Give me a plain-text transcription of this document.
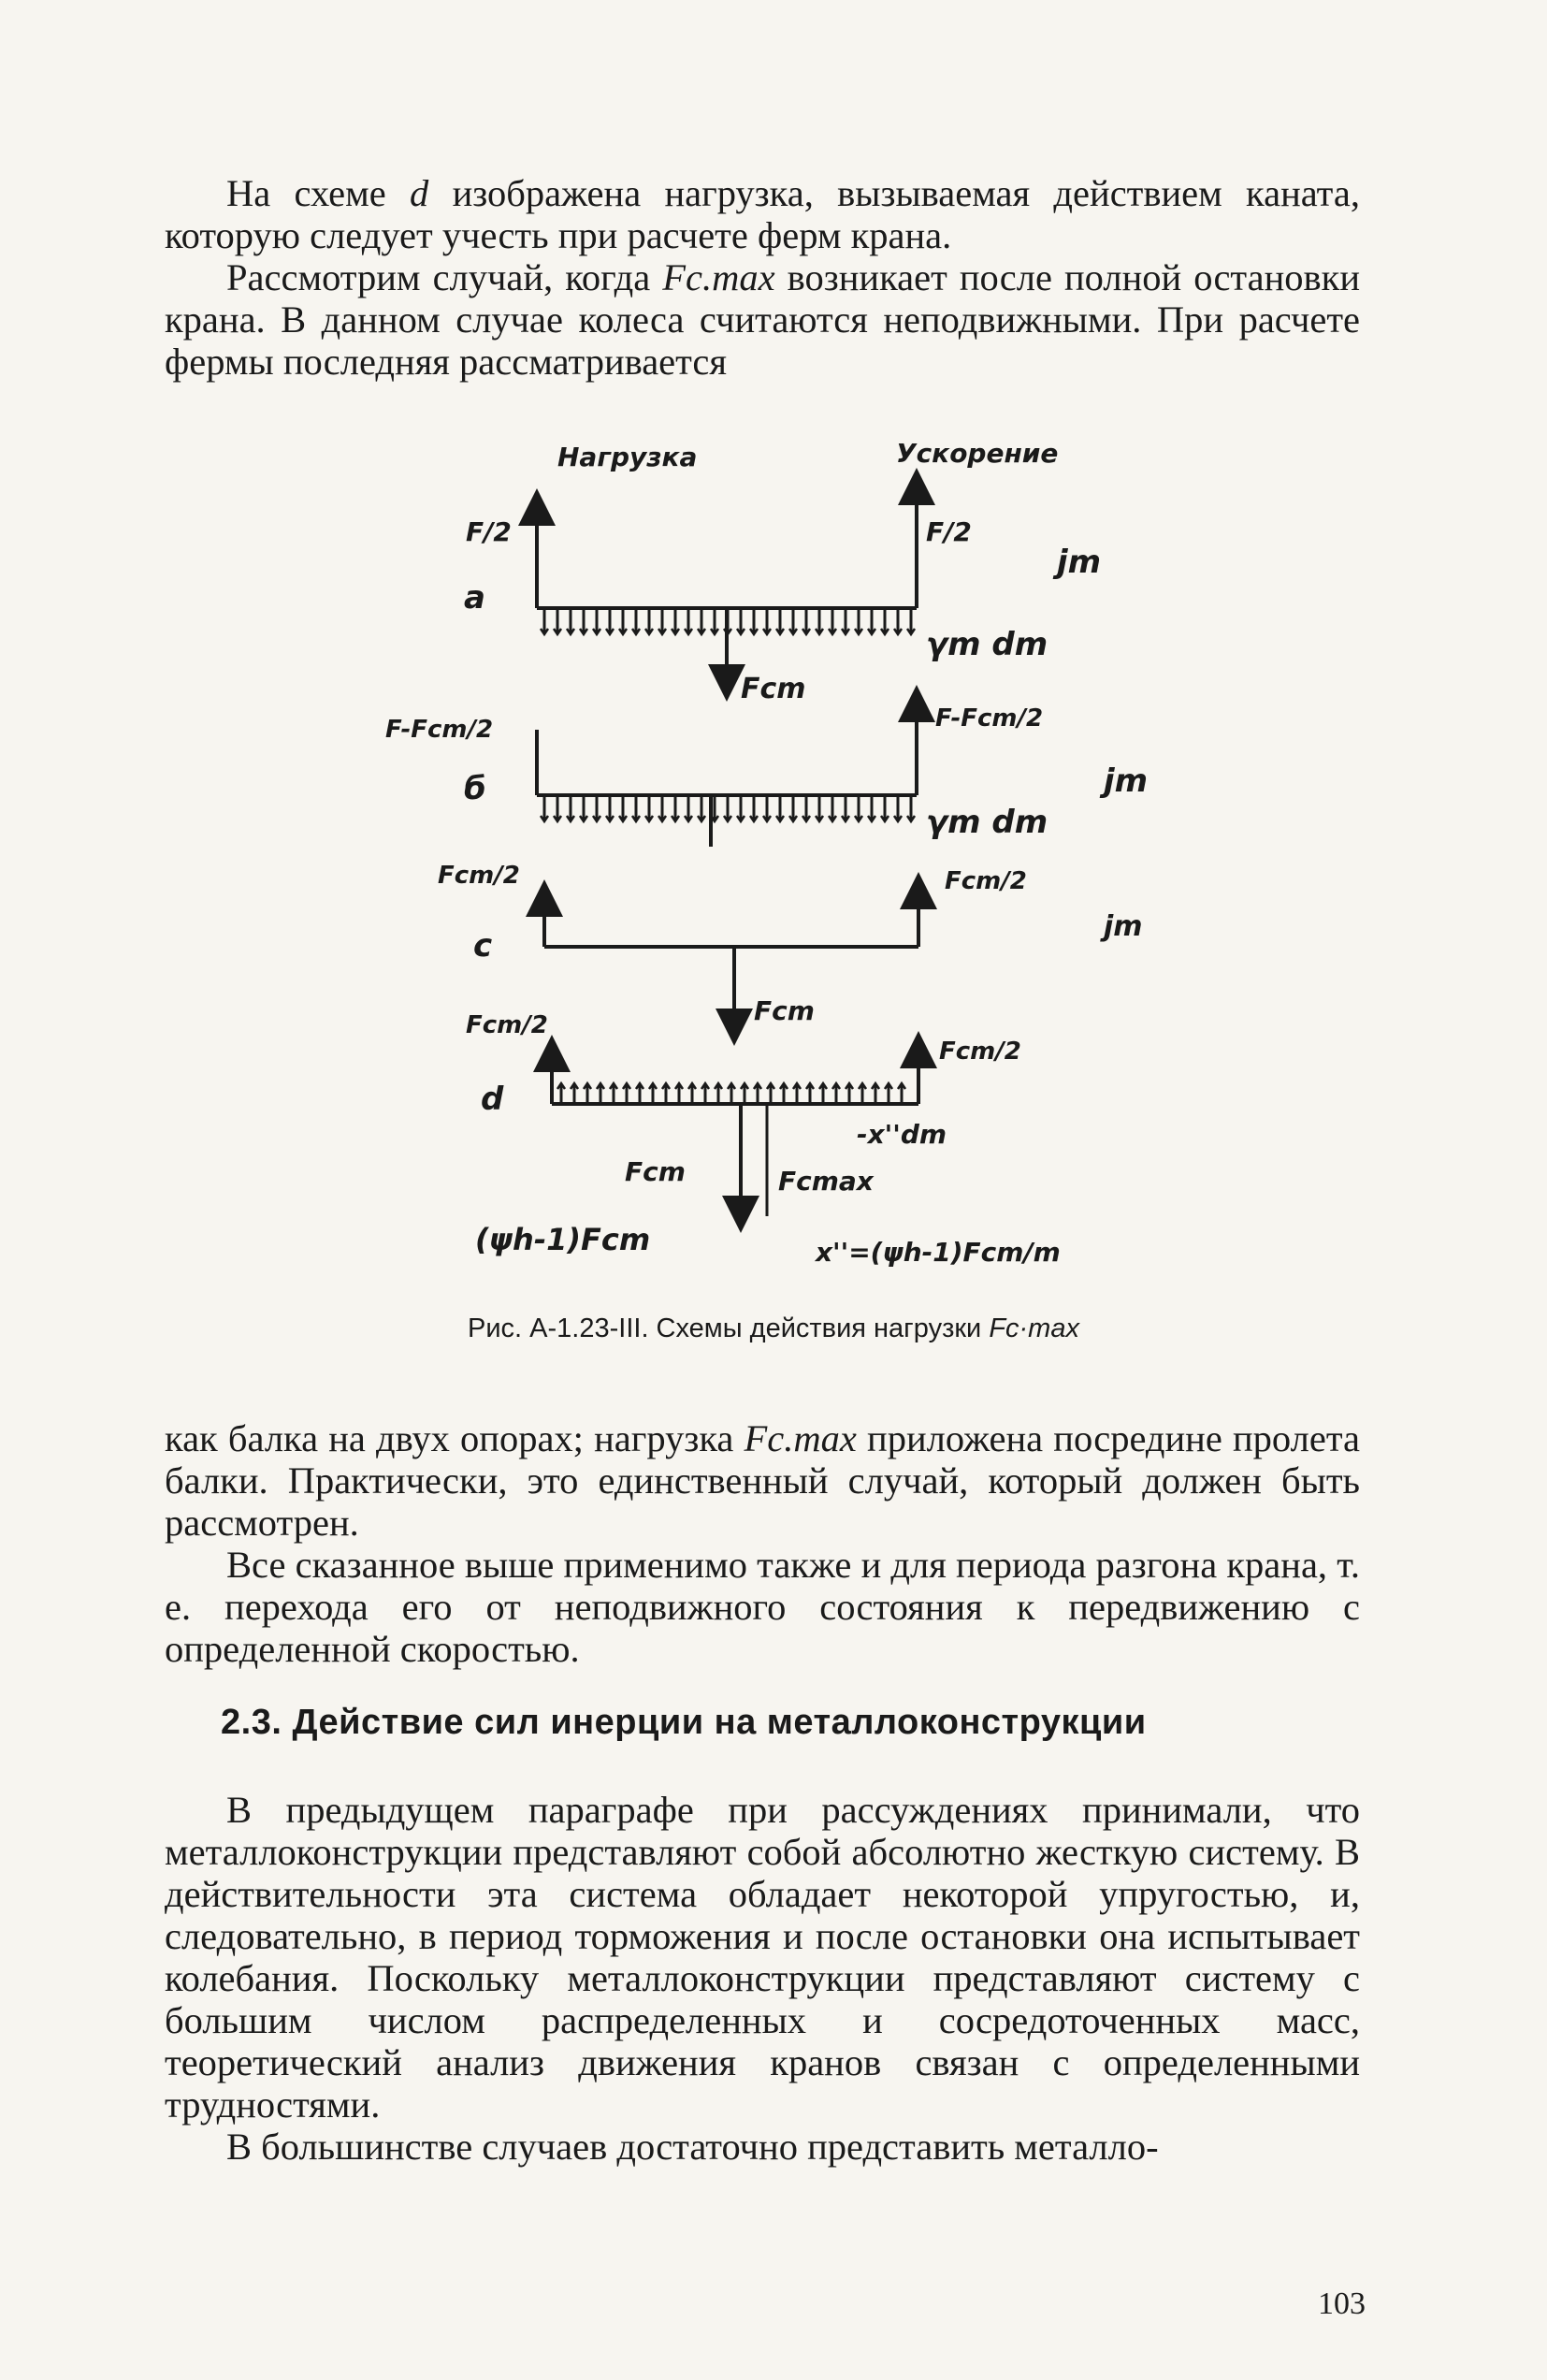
На схеме d изображена нагрузка, вызываемая действием каната, которую следует учесть при расчете ферм крана.

Рассмотрим случай, когда Fc.max возникает после полной остановки крана. В данном случае колеса считаются неподвижными. При расчете фермы последняя рассматривается

Нагрузка	Ускорение
F/2	F/2
a
γm dm
Fcm
jm
F-Fcm/2	F-Fcm/2
б
γm dm
jm
Fcm/2	Fcm/2
c
Fcm
jm
Fcm/2
Fcm/2
d
-x''dm
Fcm	Fcmax
(ψh-1)Fcm	x''=(ψh-1)Fcm/m

Рис. А-1.23-III. Схемы действия нагрузки Fc·max

как балка на двух опорах; нагрузка Fc.max приложена посредине пролета балки. Практически, это единственный случай, который должен быть рассмотрен.

Все сказанное выше применимо также и для периода разгона крана, т. е. перехода его от неподвижного состояния к передвижению с определенной скоростью.

2.3. Действие сил инерции на металлоконструкции

В предыдущем параграфе при рассуждениях принимали, что металлоконструкции представляют собой абсолютно жесткую систему. В действительности эта система обладает некоторой упругостью, и, следовательно, в период торможения и после остановки она испытывает колебания. Поскольку металлоконструкции представляют систему с большим числом распределенных и сосредоточенных масс, теоретический анализ движения кранов связан с определенными трудностями.

В большинстве случаев достаточно представить металло-

103
